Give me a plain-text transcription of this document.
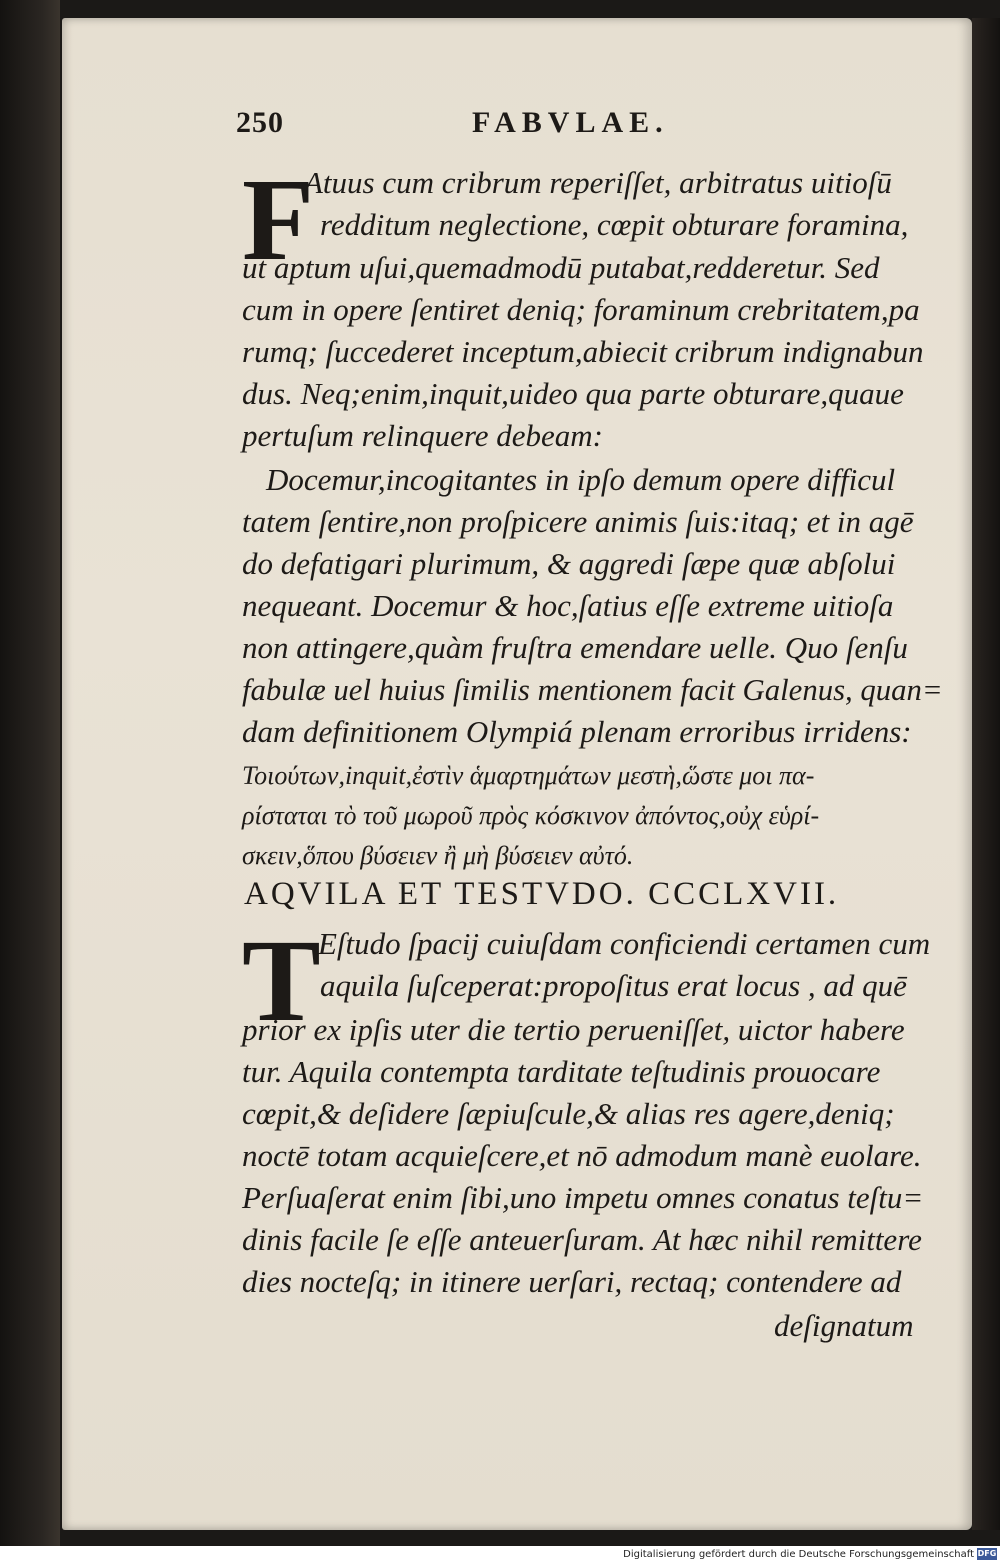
250	FABVLAE.
F
Atuus cum cribrum reperiſſet, arbitratus uitioſū
redditum neglectione, cœpit obturare foramina,
ut aptum uſui,quemadmodū putabat,redderetur. Sed
cum in opere ſentiret deniq; foraminum crebritatem,pa
rumq; ſuccederet inceptum,abiecit cribrum indignabun
dus. Neq;enim,inquit,uideo qua parte obturare,quaue
pertuſum relinquere debeam:
Docemur,incogitantes in ipſo demum opere difficul
tatem ſentire,non proſpicere animis ſuis:itaq; et in agē
do defatigari plurimum, & aggredi ſæpe quæ abſolui
nequeant. Docemur & hoc,ſatius eſſe extreme uitioſa
non attingere,quàm fruſtra emendare uelle. Quo ſenſu
fabulæ uel huius ſimilis mentionem facit Galenus, quan=
dam definitionem Olympiá plenam erroribus irridens:
Τοιούτων,inquit,ἐστὶν ἁμαρτημάτων μεστὴ,ὥστε μοι πα-
ρίσταται τὸ τοῦ μωροῦ πρὸς κόσκινον ἀπόντος,οὐχ εὑρί-
σκειν,ὅπου βύσειεν ἢ μὴ βύσειεν αὐτό.
AQVILA ET TESTVDO. CCCLXVII.
T
Eſtudo ſpacij cuiuſdam conficiendi certamen cum
aquila ſuſceperat:propoſitus erat locus , ad quē
prior ex ipſis uter die tertio perueniſſet, uictor habere
tur. Aquila contempta tarditate teſtudinis prouocare
cœpit,& deſidere ſæpiuſcule,& alias res agere,deniq;
noctē totam acquieſcere,et nō admodum manè euolare.
Perſuaſerat enim ſibi,uno impetu omnes conatus teſtu=
dinis facile ſe eſſe anteuerſuram. At hæc nihil remittere
dies nocteſq; in itinere uerſari, rectaq; contendere ad
deſignatum
Digitalisierung gefördert durch die Deutsche Forschungsgemeinschaft DFG
